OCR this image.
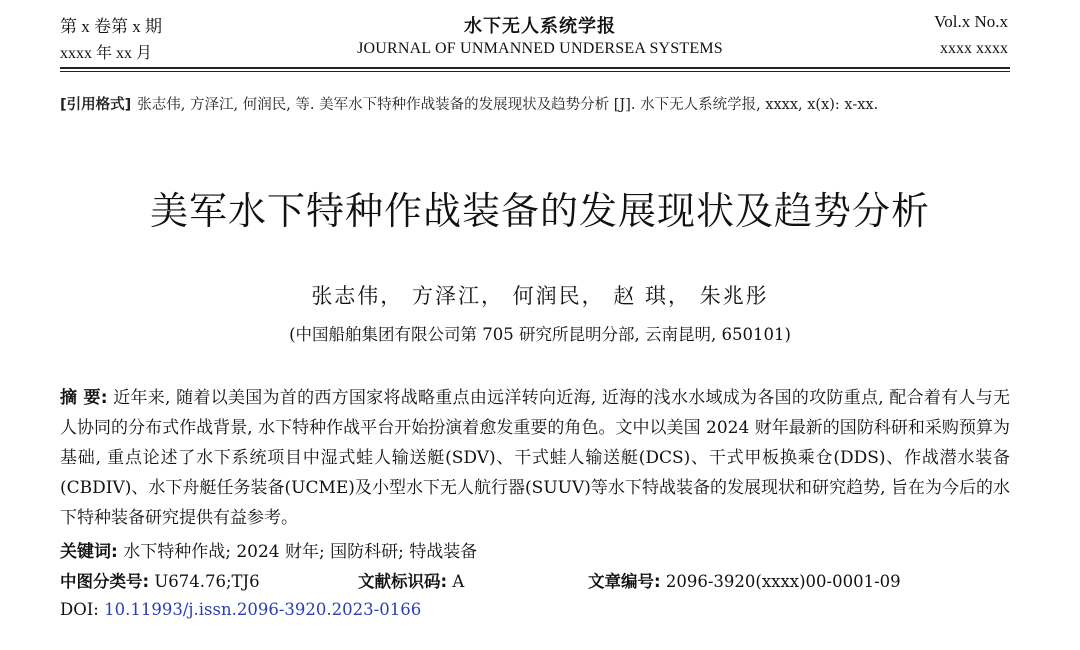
第 x 卷第 x 期	水下无人系统学报	Vol.x No.x
xxxx 年 xx 月	JOURNAL OF UNMANNED UNDERSEA SYSTEMS	xxxx xxxx
[引用格式] 张志伟, 方泽江, 何润民, 等. 美军水下特种作战装备的发展现状及趋势分析 [J]. 水下无人系统学报, xxxx, x(x): x-xx.
美军水下特种作战装备的发展现状及趋势分析
张志伟， 方泽江， 何润民， 赵 琪， 朱兆彤
(中国船舶集团有限公司第 705 研究所昆明分部, 云南昆明, 650101)
摘 要: 近年来, 随着以美国为首的西方国家将战略重点由远洋转向近海, 近海的浅水水域成为各国的攻防重点, 配合着有人与无人协同的分布式作战背景, 水下特种作战平台开始扮演着愈发重要的角色。文中以美国 2024 财年最新的国防科研和采购预算为基础, 重点论述了水下系统项目中湿式蛙人输送艇(SDV)、干式蛙人输送艇(DCS)、干式甲板换乘仓(DDS)、作战潜水装备(CBDIV)、水下舟艇任务装备(UCME)及小型水下无人航行器(SUUV)等水下特战装备的发展现状和研究趋势, 旨在为今后的水下特种装备研究提供有益参考。
关键词: 水下特种作战; 2024 财年; 国防科研; 特战装备
中图分类号: U674.76;TJ6	文献标识码: A	文章编号: 2096-3920(xxxx)00-0001-09
DOI: 10.11993/j.issn.2096-3920.2023-0166
